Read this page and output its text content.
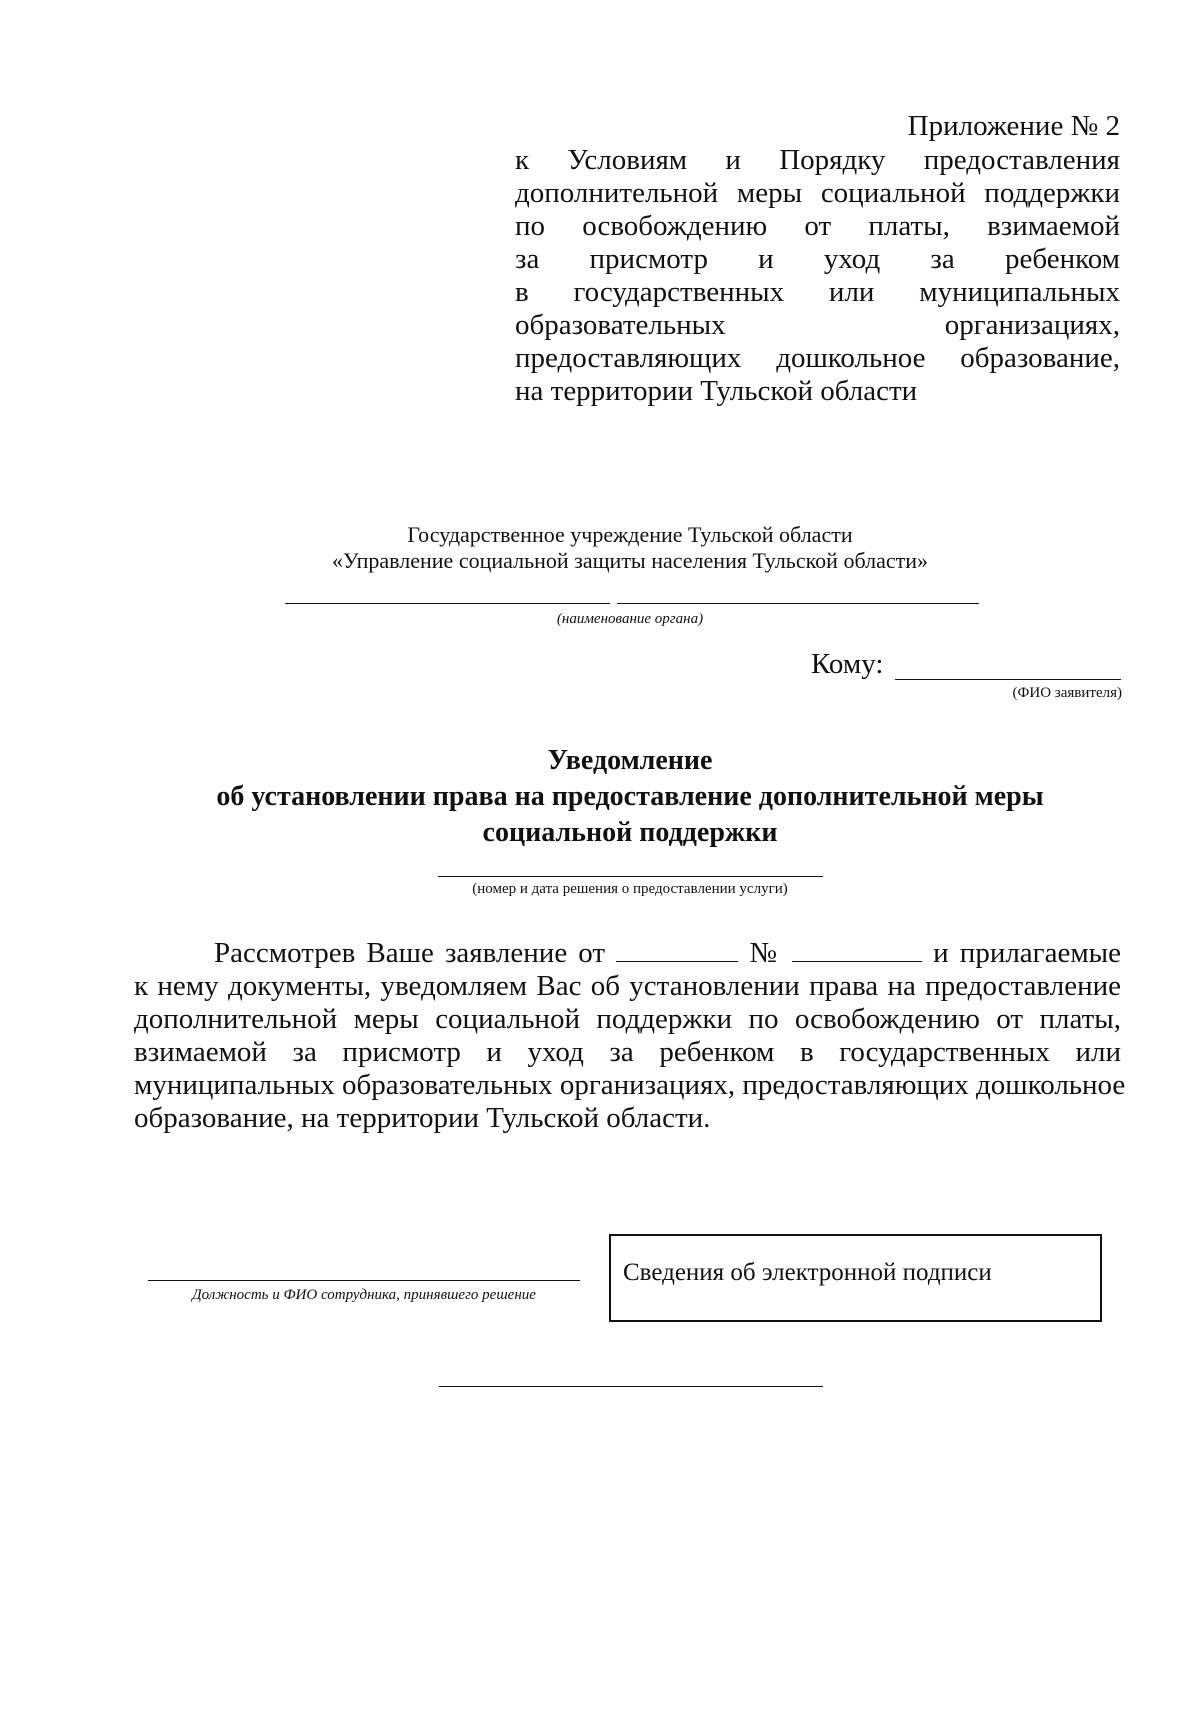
Приложение № 2
к Условиям и Порядку предоставления
дополнительной меры социальной поддержки
по освобождению от платы, взимаемой
за присмотр и уход за ребенком
в государственных или муниципальных
образовательных	организациях,
предоставляющих дошкольное образование,
на территории Тульской области
Государственное учреждение Тульской области
«Управление социальной защиты населения Тульской области»
(наименование органа)
Кому:
(ФИО заявителя)
Уведомление
об установлении права на предоставление дополнительной меры
социальной поддержки
(номер и дата решения о предоставлении услуги)
Рассмотрев Ваше заявление от	№	и прилагаемые
к нему документы, уведомляем Вас об установлении права на предоставление
дополнительной меры социальной поддержки по освобождению от платы,
взимаемой за присмотр и уход за ребенком в государственных или
муниципальных образовательных организациях, предоставляющих дошкольное
образование, на территории Тульской области.
Должность и ФИО сотрудника, принявшего решение
Сведения об электронной подписи
